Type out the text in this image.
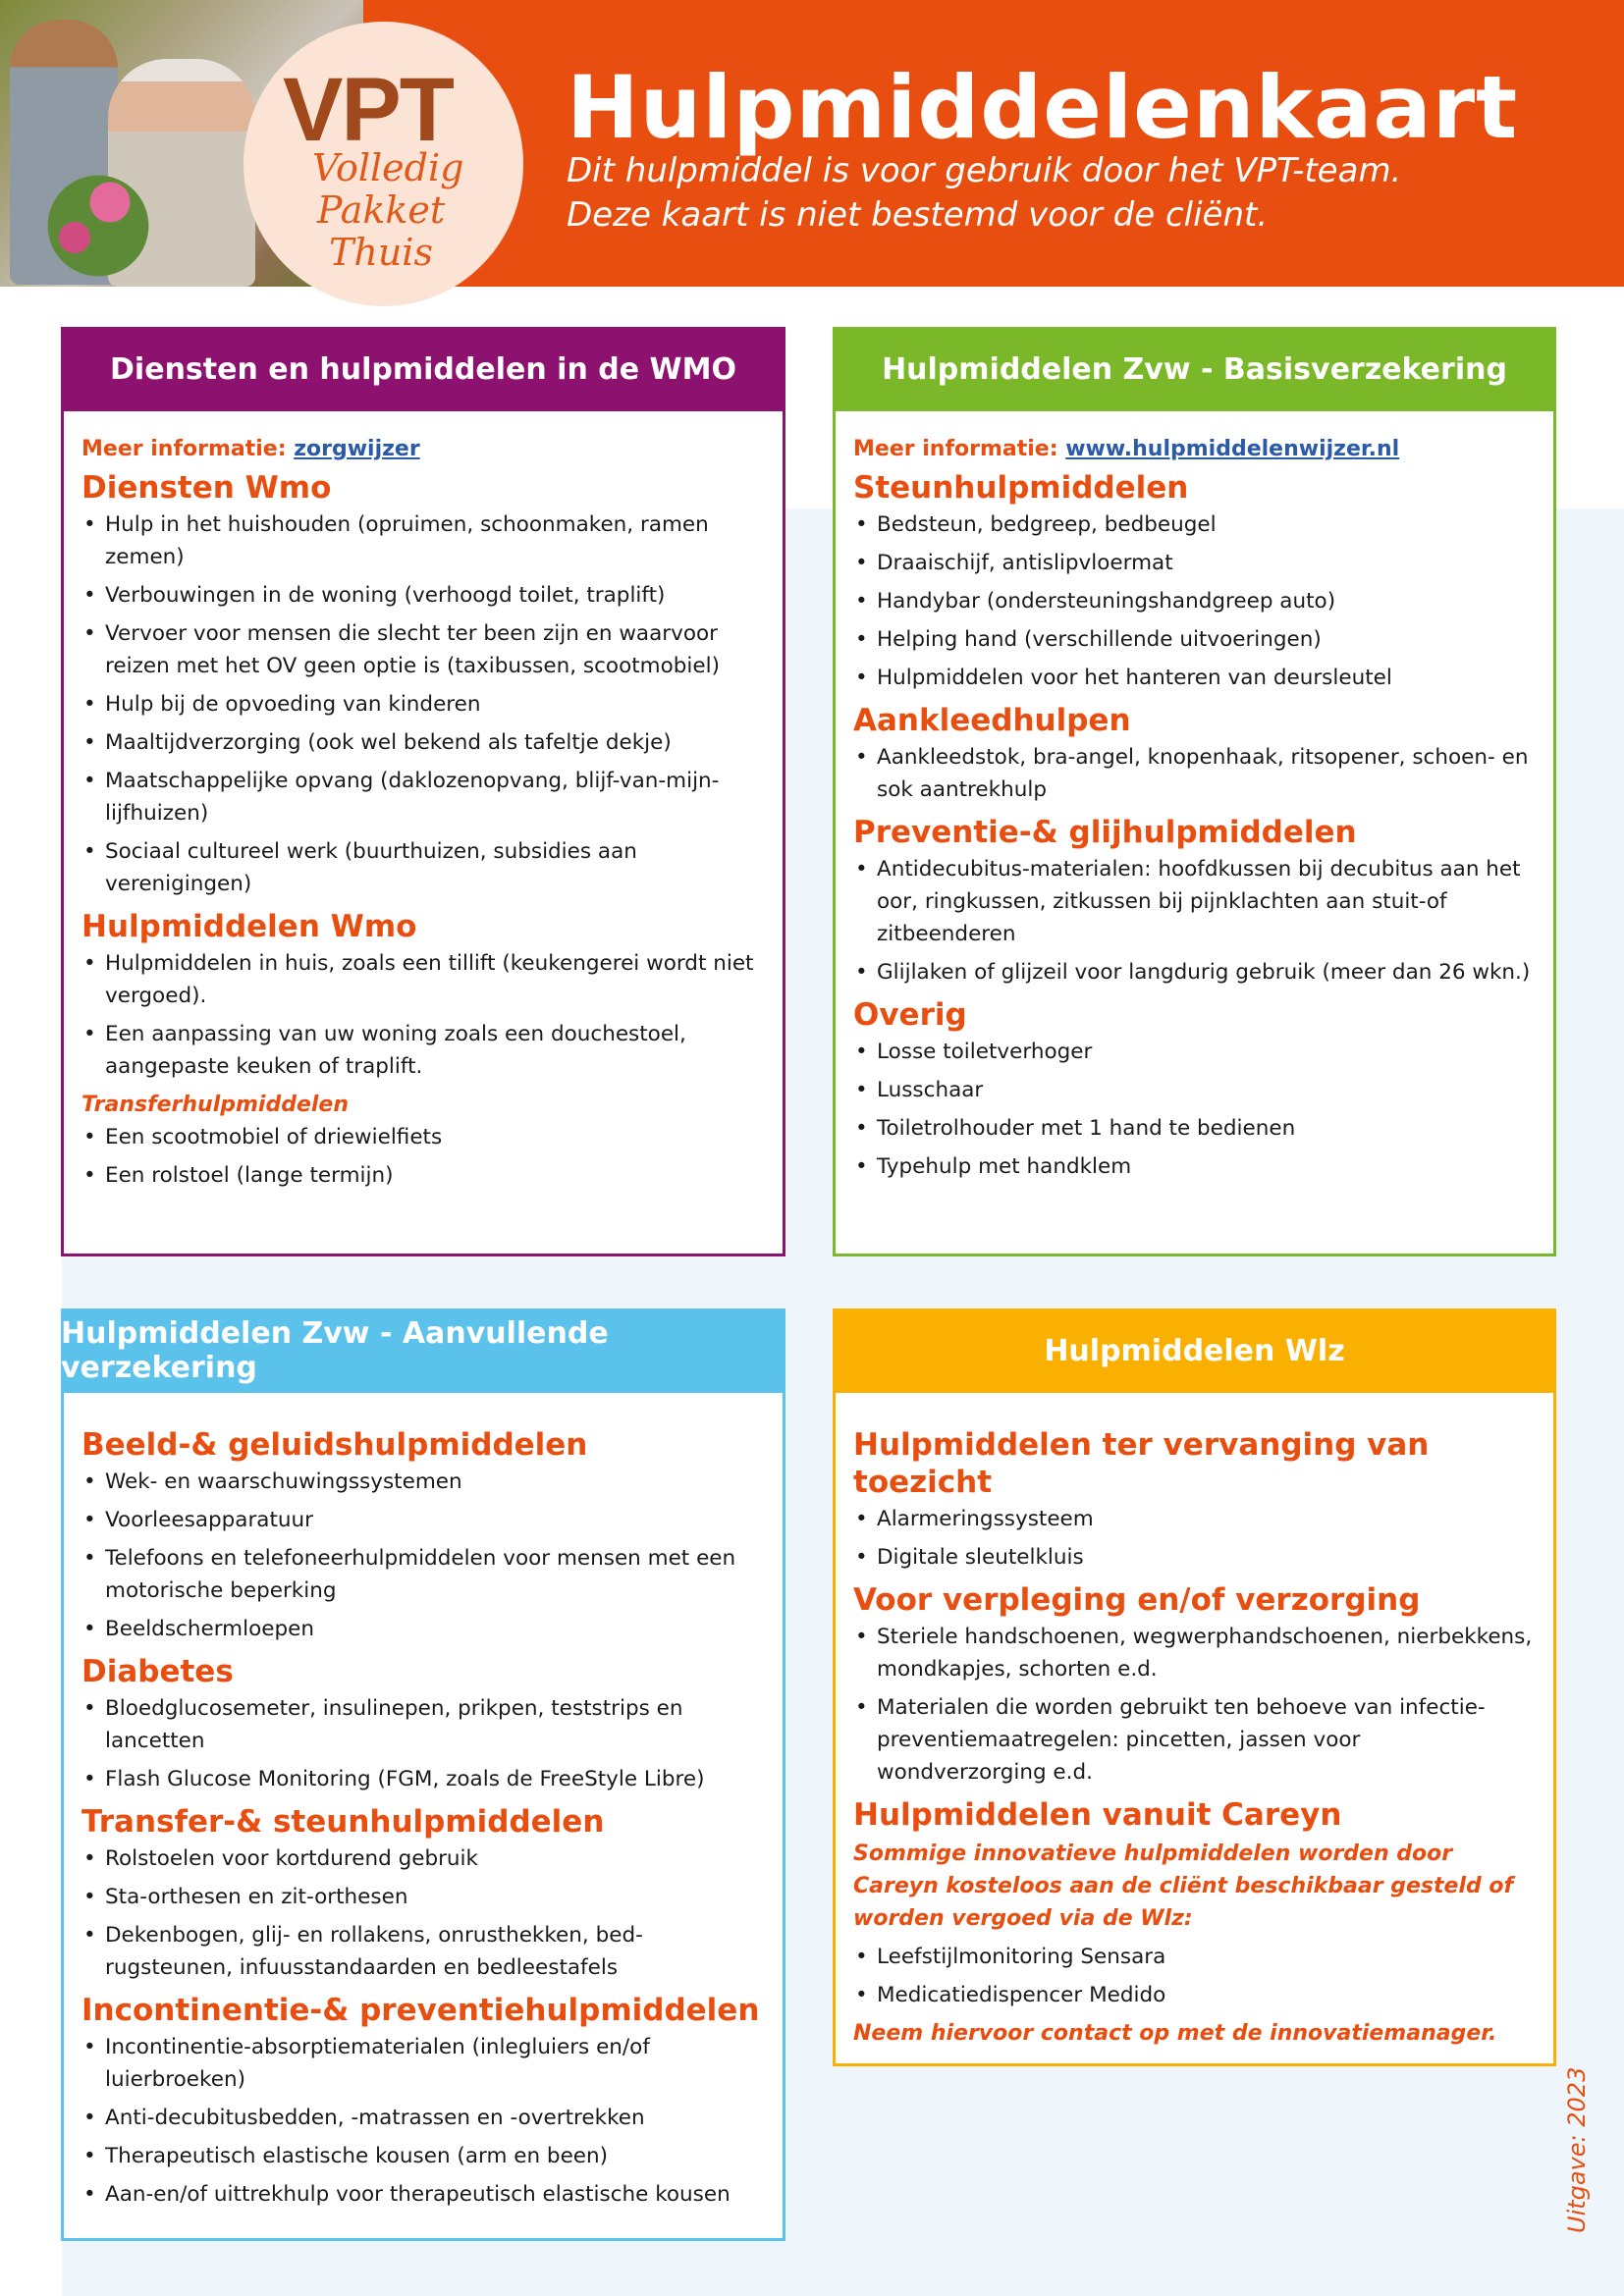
VPT
Volledig
Pakket
Thuis
Hulpmiddelenkaart
Dit hulpmiddel is voor gebruik door het VPT-team.
Deze kaart is niet bestemd voor de cliënt.
Diensten en hulpmiddelen in de WMO
Meer informatie: zorgwijzer
Diensten Wmo
• Hulp in het huishouden (opruimen, schoonmaken, ramen zemen)
• Verbouwingen in de woning (verhoogd toilet, traplift)
• Vervoer voor mensen die slecht ter been zijn en waarvoor reizen met het OV geen optie is (taxibussen, scootmobiel)
• Hulp bij de opvoeding van kinderen
• Maaltijdverzorging (ook wel bekend als tafeltje dekje)
• Maatschappelijke opvang (daklozenopvang, blijf-van-mijn-lijfhuizen)
• Sociaal cultureel werk (buurthuizen, subsidies aan verenigingen)
Hulpmiddelen Wmo
• Hulpmiddelen in huis, zoals een tillift (keukengerei wordt niet vergoed).
• Een aanpassing van uw woning zoals een douchestoel, aangepaste keuken of traplift.
Transferhulpmiddelen
• Een scootmobiel of driewielfiets
• Een rolstoel (lange termijn)
Hulpmiddelen Zvw - Basisverzekering
Meer informatie: www.hulpmiddelenwijzer.nl
Steunhulpmiddelen
• Bedsteun, bedgreep, bedbeugel
• Draaischijf, antislipvloermat
• Handybar (ondersteuningshandgreep auto)
• Helping hand (verschillende uitvoeringen)
• Hulpmiddelen voor het hanteren van deursleutel
Aankleedhulpen
• Aankleedstok, bra-angel, knopenhaak, ritsopener, schoen- en sok aantrekhulp
Preventie-& glijhulpmiddelen
• Antidecubitus-materialen: hoofdkussen bij decubitus aan het oor, ringkussen, zitkussen bij pijnklachten aan stuit-of zitbeenderen
• Glijlaken of glijzeil voor langdurig gebruik (meer dan 26 wkn.)
Overig
• Losse toiletverhoger
• Lusschaar
• Toiletrolhouder met 1 hand te bedienen
• Typehulp met handklem
Hulpmiddelen Zvw - Aanvullende verzekering
Beeld-& geluidshulpmiddelen
• Wek- en waarschuwingssystemen
• Voorleesapparatuur
• Telefoons en telefoneerhulpmiddelen voor mensen met een motorische beperking
• Beeldschermloepen
Diabetes
• Bloedglucosemeter, insulinepen, prikpen, teststrips en lancetten
• Flash Glucose Monitoring (FGM, zoals de FreeStyle Libre)
Transfer-& steunhulpmiddelen
• Rolstoelen voor kortdurend gebruik
• Sta-orthesen en zit-orthesen
• Dekenbogen, glij- en rollakens, onrusthekken, bed-rugsteunen, infuusstandaarden en bedleestafels
Incontinentie-& preventiehulpmiddelen
• Incontinentie-absorptiematerialen (inlegluiers en/of luierbroeken)
• Anti-decubitusbedden, -matrassen en -overtrekken
• Therapeutisch elastische kousen (arm en been)
• Aan-en/of uittrekhulp voor therapeutisch elastische kousen
Hulpmiddelen Wlz
Hulpmiddelen ter vervanging van toezicht
• Alarmeringssysteem
• Digitale sleutelkluis
Voor verpleging en/of verzorging
• Steriele handschoenen, wegwerphandschoenen, nierbekkens, mondkapjes, schorten e.d.
• Materialen die worden gebruikt ten behoeve van infectie-preventiemaatregelen: pincetten, jassen voor wondverzorging e.d.
Hulpmiddelen vanuit Careyn
Sommige innovatieve hulpmiddelen worden door Careyn kosteloos aan de cliënt beschikbaar gesteld of worden vergoed via de Wlz:
• Leefstijlmonitoring Sensara
• Medicatiedispencer Medido
Neem hiervoor contact op met de innovatiemanager.
Uitgave: 2023
